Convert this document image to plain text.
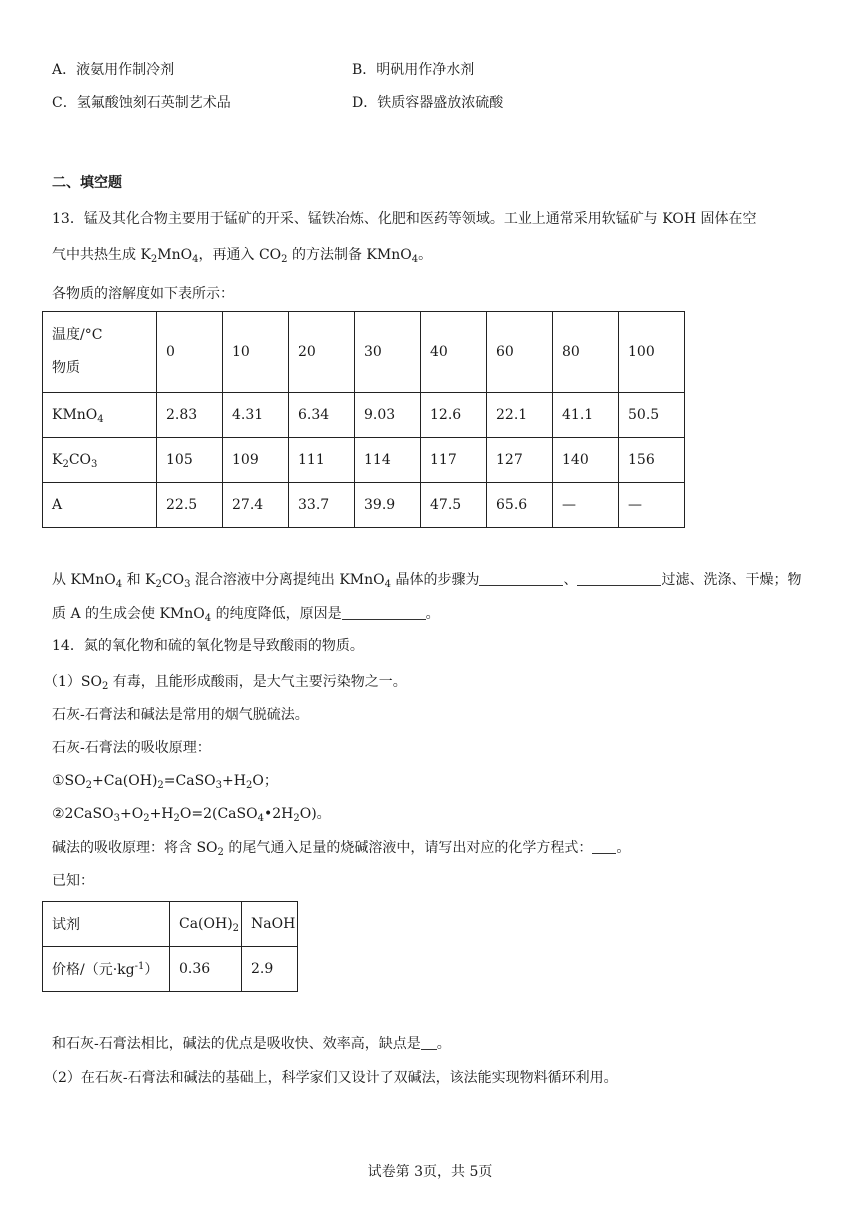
A．液氨用作制冷剂	B．明矾用作净水剂
C．氢氟酸蚀刻石英制艺术品	D．铁质容器盛放浓硫酸
二、填空题
13．锰及其化合物主要用于锰矿的开采、锰铁冶炼、化肥和医药等领域。工业上通常采用软锰矿与 KOH 固体在空
气中共热生成 $K_2MnO_4$，再通入 $CO_2$ 的方法制备 KMnO$_4$。
各物质的溶解度如下表所示：
温度/°C
物质	0	10	20	30	40	60	80	100
KMnO$_4$	2.83	4.31	6.34	9.03	12.6	22.1	41.1	50.5
$K_2CO_3$	105	109	111	114	117	127	140	156
A	22.5	27.4	33.7	39.9	47.5	65.6	—	—
从 KMnO$_4$ 和 $K_2CO_3$ 混合溶液中分离提纯出 KMnO$_4$ 晶体的步骤为	、	过滤、洗涤、干燥；物
质 A 的生成会使 KMnO$_4$ 的纯度降低，原因是	。
14．氮的氧化物和硫的氧化物是导致酸雨的物质。
$(1)SO_2$ 有毒，且能形成酸雨，是大气主要污染物之一。
石灰-石膏法和碱法是常用的烟气脱硫法。
石灰-石膏法的吸收原理：
$①SO_2+Ca(OH)_2=CaSO_3+H_2O$；
$②2CaSO_3+O_2+H_2O=2(CaSO_4•2H_2O)$。
碱法的吸收原理：将含 $SO_2$ 的尾气通入足量的烧碱溶液中，请写出对应的化学方程式： 。
已知：
试剂	$Ca(OH)_2$	NaOH
价格/（元$\cdot kg^{-1}$）	0.36	2.9
和石灰-石膏法相比，碱法的优点是吸收快、效率高，缺点是 。
（2）在石灰-石膏法和碱法的基础上，科学家们又设计了双碱法，该法能实现物料循环利用。
试卷第 3页，共 5页
